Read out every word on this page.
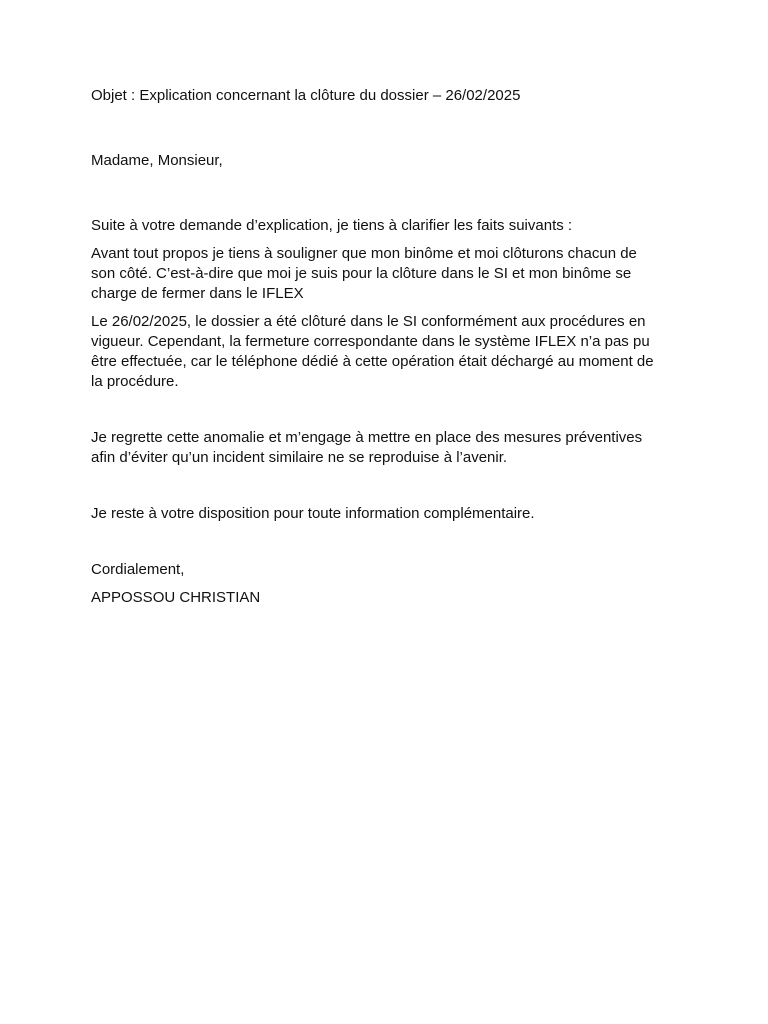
Objet : Explication concernant la clôture du dossier – 26/02/2025

Madame, Monsieur,

Suite à votre demande d’explication, je tiens à clarifier les faits suivants :

Avant tout propos je tiens à souligner que mon binôme et moi clôturons chacun de

son côté. C’est-à-dire que moi je suis pour la clôture dans le SI et mon binôme se

charge de fermer dans le IFLEX

Le 26/02/2025, le dossier a été clôturé dans le SI conformément aux procédures en

vigueur. Cependant, la fermeture correspondante dans le système IFLEX n’a pas pu

être effectuée, car le téléphone dédié à cette opération était déchargé au moment de

la procédure.

Je regrette cette anomalie et m’engage à mettre en place des mesures préventives

afin d’éviter qu’un incident similaire ne se reproduise à l’avenir.

Je reste à votre disposition pour toute information complémentaire.

Cordialement,

APPOSSOU CHRISTIAN
